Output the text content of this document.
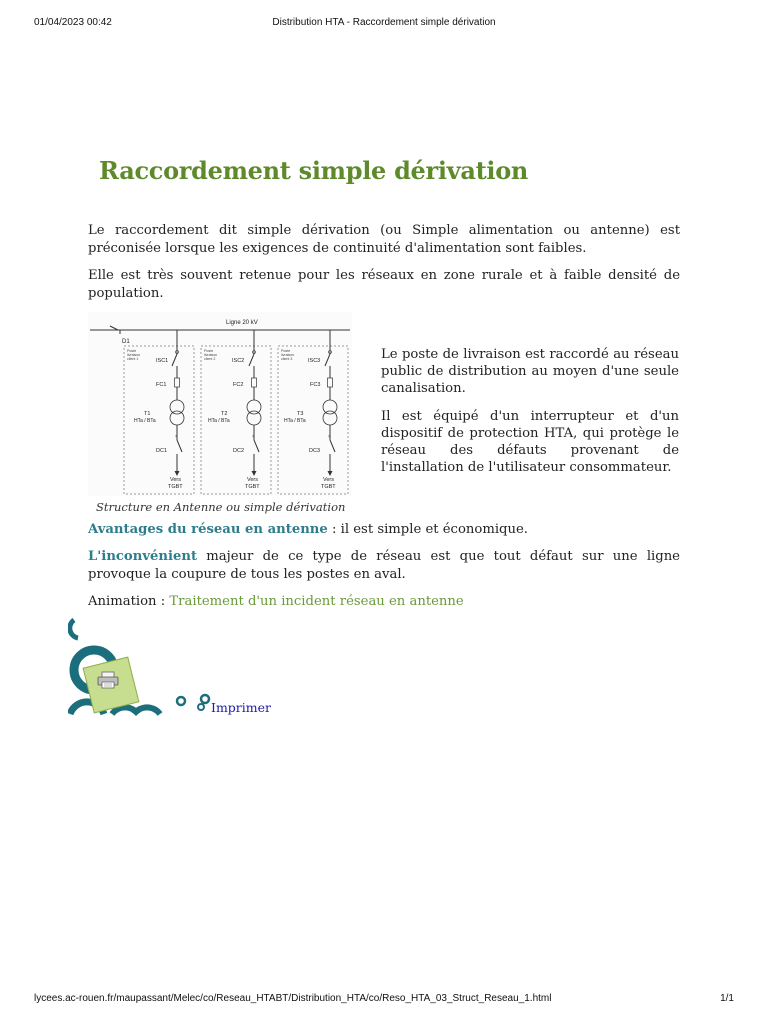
01/04/2023 00:42	Distribution HTA - Raccordement simple dérivation
Raccordement simple dérivation

Le raccordement dit simple dérivation (ou Simple alimentation ou antenne) est préconisée lorsque les exigences de continuité d'alimentation sont faibles.

Elle est très souvent retenue pour les réseaux en zone rurale et à faible densité de population.

Ligne 20 kV
D1
Poste
livraison
client 1	ISC1
FC1
T1
HTa / BTa
×
DC1
Vers
TGBT
Poste
livraison
client 2	ISC2
FC2
T2
HTa / BTa
×
DC2
Vers
TGBT
Poste
livraison
client 3	ISC3
FC3
T3
HTa / BTa
×
DC3
Vers
TGBT

Structure en Antenne ou simple dérivation

Le poste de livraison est raccordé au réseau public de distribution au moyen d'une seule canalisation.

Il est équipé d'un interrupteur et d'un dispositif de protection HTA, qui protège le réseau des défauts provenant de l'installation de l'utilisateur consommateur.

Avantages du réseau en antenne : il est simple et économique.

L'inconvénient majeur de ce type de réseau est que tout défaut sur une ligne provoque la coupure de tous les postes en aval.

Animation : Traitement d'un incident réseau en antenne

Imprimer
lycees.ac-rouen.fr/maupassant/Melec/co/Reseau_HTABT/Distribution_HTA/co/Reso_HTA_03_Struct_Reseau_1.html	1/1
